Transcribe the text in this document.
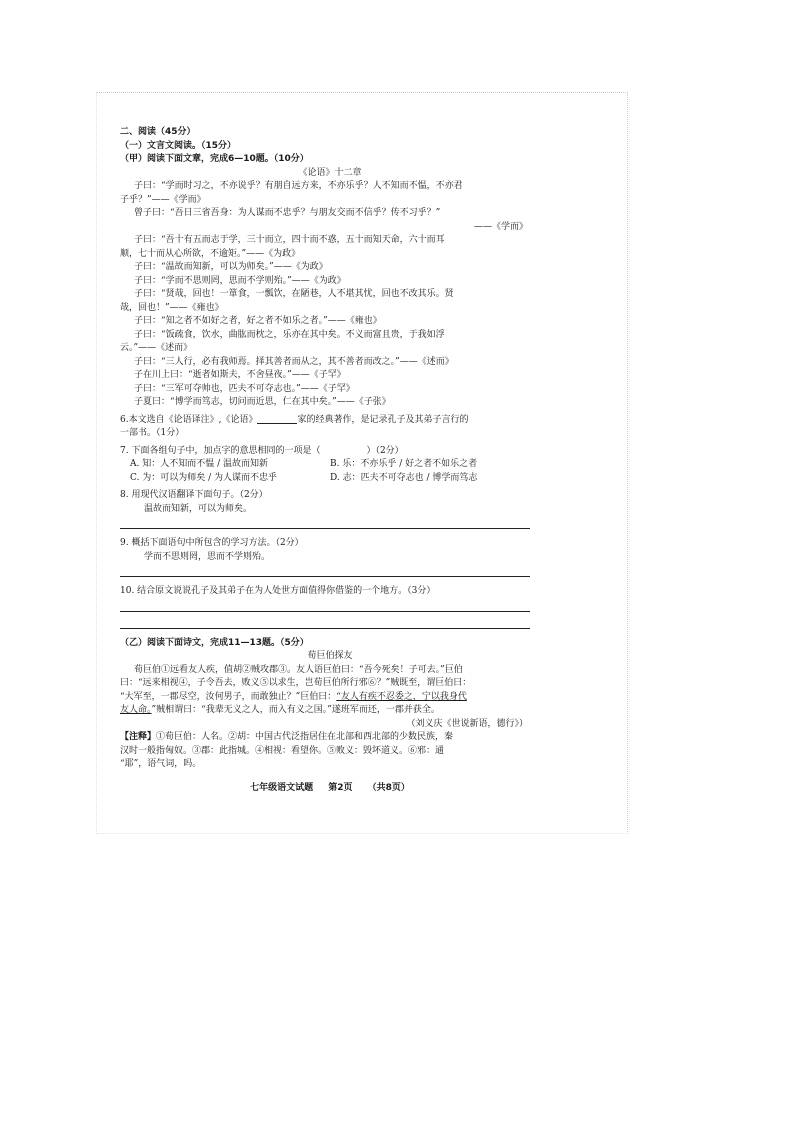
二、阅读（45分）
（一）文言文阅读。（15分）
（甲）阅读下面文章，完成6—10题。（10分）
《论语》十二章
子曰：“学而时习之，不亦说乎？有朋自远方来，不亦乐乎？人不知而不愠，不亦君
子乎？”——《学而》
曾子曰：“吾日三省吾身：为人谋而不忠乎？与朋友交而不信乎？传不习乎？”
——《学而》
子曰：“吾十有五而志于学，三十而立，四十而不惑，五十而知天命，六十而耳
顺，七十而从心所欲，不逾矩。”——《为政》
子曰：“温故而知新，可以为师矣。”——《为政》
子曰：“学而不思则罔，思而不学则殆。”——《为政》
子曰：“贤哉，回也！一箪食，一瓢饮，在陋巷，人不堪其忧，回也不改其乐。贤
哉，回也！”——《雍也》
子曰：“知之者不如好之者，好之者不如乐之者。”——《雍也》
子曰：“饭疏食，饮水，曲肱而枕之，乐亦在其中矣。不义而富且贵，于我如浮
云。”——《述而》
子曰：“三人行，必有我师焉。择其善者而从之，其不善者而改之。”——《述而》
子在川上曰：“逝者如斯夫，不舍昼夜。”——《子罕》
子曰：“三军可夺帅也，匹夫不可夺志也。”——《子罕》
子夏曰：“博学而笃志，切问而近思，仁在其中矣。”——《子张》
6.本文选自《论语译注》,《论语》	家的经典著作，是记录孔子及其弟子言行的
一部书。（1分）
7. 下面各组句子中，加点字的意思相同的一项是（	）（2分）
A. 知：人不知而不愠 / 温故而知新	B. 乐：不亦乐乎 / 好之者不如乐之者
C. 为：可以为师矣 / 为人谋而不忠乎	D. 志：匹夫不可夺志也 / 博学而笃志
8. 用现代汉语翻译下面句子。（2分）
温故而知新，可以为师矣。
9. 概括下面语句中所包含的学习方法。（2分）
学而不思则罔，思而不学则殆。
10. 结合原文说说孔子及其弟子在为人处世方面值得你借鉴的一个地方。（3分）
（乙）阅读下面诗文，完成11—13题。（5分）
荀巨伯探友
荀巨伯①远看友人疾，值胡②贼攻郡③。友人语巨伯曰：“吾今死矣！子可去。”巨伯
曰：“远来相视④，子令吾去，败义⑤以求生，岂荀巨伯所行邪⑥？”贼既至，谓巨伯曰：
“大军至，一郡尽空，汝何男子，而敢独止？”巨伯曰：“友人有疾不忍委之，宁以我身代
友人命。”贼相谓曰：“我辈无义之人，而入有义之国。”遂班军而还，一郡并获全。
（刘义庆《世说新语，德行》）
【注释】①荀巨伯：人名。②胡：中国古代泛指居住在北部和西北部的少数民族，秦
汉时一般指匈奴。③郡：此指城。④相视：看望你。⑤败义：毁坏道义。⑥邪：通
“耶”，语气词，吗。
七年级语文试题 第2页 （共8页）
